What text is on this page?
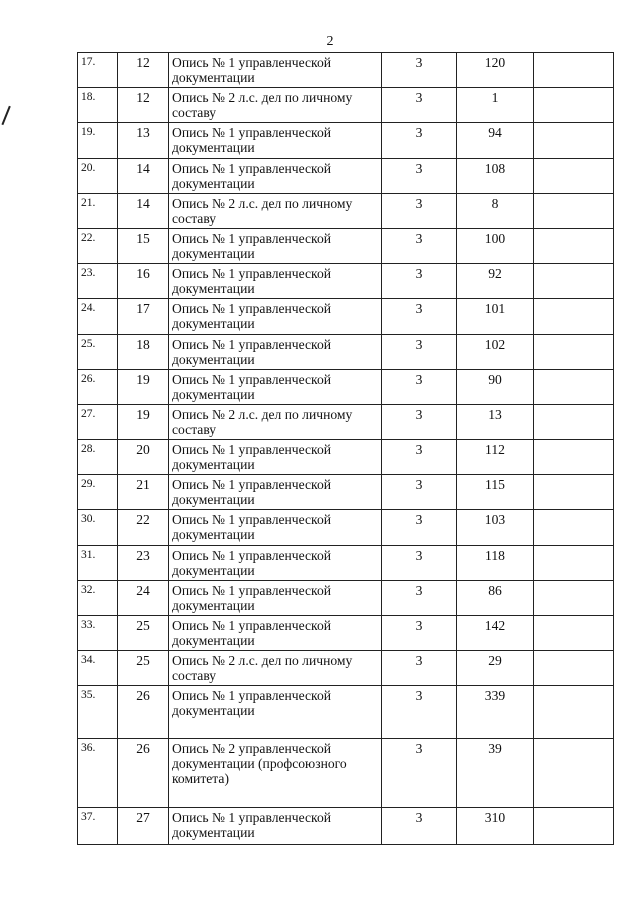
2
17.	12	Опись № 1 управленческой документации	3	120	
18.	12	Опись № 2 л.с. дел по личному составу	3	1	
19.	13	Опись № 1 управленческой документации	3	94	
20.	14	Опись № 1 управленческой документации	3	108	
21.	14	Опись № 2 л.с. дел по личному составу	3	8	
22.	15	Опись № 1 управленческой документации	3	100	
23.	16	Опись № 1 управленческой документации	3	92	
24.	17	Опись № 1 управленческой документации	3	101	
25.	18	Опись № 1 управленческой документации	3	102	
26.	19	Опись № 1 управленческой документации	3	90	
27.	19	Опись № 2 л.с. дел по личному составу	3	13	
28.	20	Опись № 1 управленческой документации	3	112	
29.	21	Опись № 1 управленческой документации	3	115	
30.	22	Опись № 1 управленческой документации	3	103	
31.	23	Опись № 1 управленческой документации	3	118	
32.	24	Опись № 1 управленческой документации	3	86	
33.	25	Опись № 1 управленческой документации	3	142	
34.	25	Опись № 2 л.с. дел по личному составу	3	29	
35.	26	Опись № 1 управленческой документации	3	339	
36.	26	Опись № 2 управленческой документации (профсоюзного комитета)	3	39	
37.	27	Опись № 1 управленческой документации	3	310	
